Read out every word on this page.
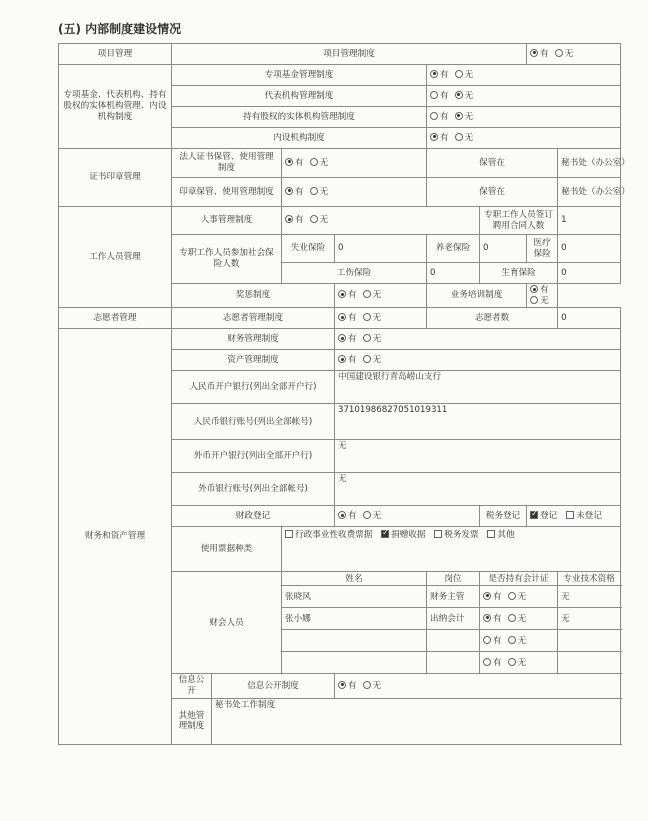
(五) 内部制度建设情况
项目管理	项目管理制度						有 无	
专项基金、代表机构、持有股权的实体机构管理、内设机构制度	专项基金管理制度				有 无			
	代表机构管理制度				有 无			
	持有股权的实体机构管理制度				有 无			
	内设机构制度				有 无			
证书印章管理	法人证书保管、使用管理制度		有 无		保管在			秘书处（办公室）
	印章保管、使用管理制度		有 无		保管在			秘书处（办公室）
工作人员管理	人事管理制度		有 无			专职工作人员签订聘用合同人数		1
	专职工作人员参加社会保险人数		失业保险	0	养老保险	0	医疗保险	0
			工伤保险		0	生育保险		0
	奖惩制度			有 无	业务培训制度		有无	
志愿者管理	志愿者管理制度			有 无	志愿者数			0
财务和资产管理	财务管理制度			有 无				
	资产管理制度			有 无				
	人民币开户银行(列出全部开户行)			中国建设银行青岛崂山支行				
	人民币银行账号(列出全部帐号)			37101986827051019311				
	外币开户银行(列出全部开户行)			无				
	外币银行账号(列出全部帐号)			无				
	财政登记			有 无		税务登记	✓登记 未登记
	使用票据种类		行政事业性收费票据 ✓ 捐赠收据 税务发票 其他
	财会人员		姓名		岗位	是否持有会计证		专业技术资格
			张晓风		财务主管	有 无		无
			张小娜		出纳会计	有 无		无
						有 无		
						有 无		
	信息公开	信息公开制度		有 无				
	其他管理制度	秘书处工作制度						
